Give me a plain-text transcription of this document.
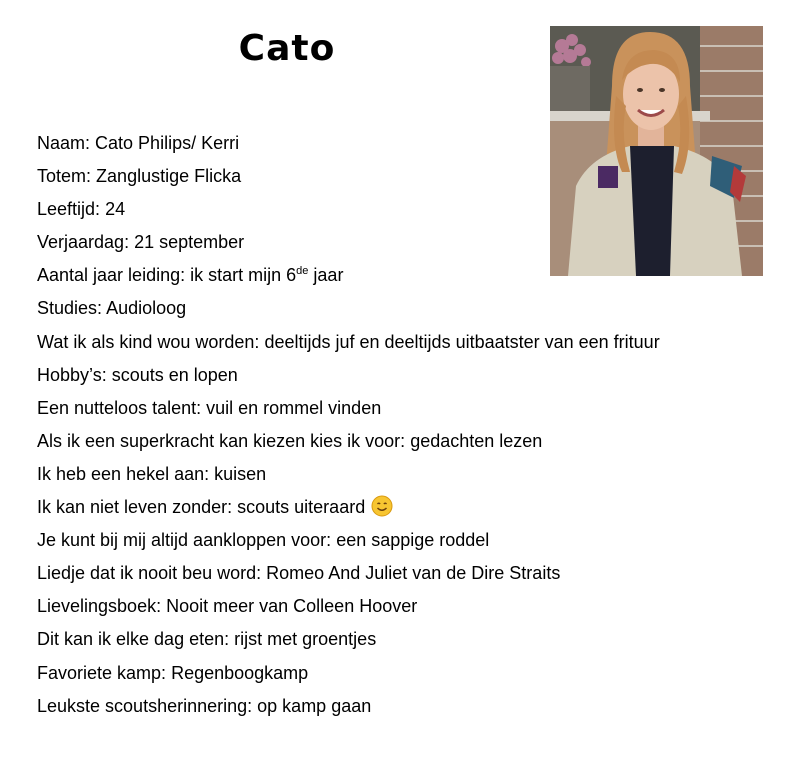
Cato
Naam: Cato Philips/ Kerri
Totem: Zanglustige Flicka
Leeftijd: 24
Verjaardag: 21 september
Aantal jaar leiding: ik start mijn 6de jaar
Studies: Audioloog
Wat ik als kind wou worden: deeltijds juf en deeltijds uitbaatster van een frituur
Hobby’s: scouts en lopen
Een nutteloos talent: vuil en rommel vinden
Als ik een superkracht kan kiezen kies ik voor: gedachten lezen
Ik heb een hekel aan: kuisen
Ik kan niet leven zonder: scouts uiteraard
Je kunt bij mij altijd aankloppen voor: een sappige roddel
Liedje dat ik nooit beu word: Romeo And Juliet van de Dire Straits
Lievelingsboek: Nooit meer van Colleen Hoover
Dit kan ik elke dag eten: rijst met groentjes
Favoriete kamp: Regenboogkamp
Leukste scoutsherinnering: op kamp gaan
